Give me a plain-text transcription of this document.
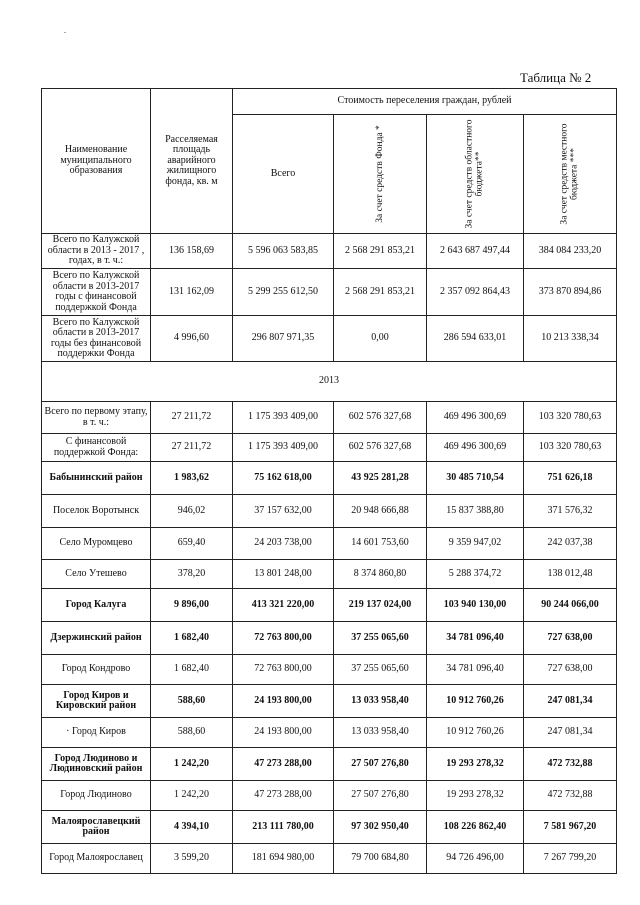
.
Таблица № 2
Наименование муниципального образования	Расселяемая площадь аварийного жилищного фонда, кв. м	Стоимость переселения граждан, рублей			
		Всего	За счет средств Фонда *	За счет средств областного бюджета**	За счет средств местного бюджета ***

Всего по Калужской области в 2013 - 2017 , годах, в т. ч.:	136 158,69	5 596 063 583,85	2 568 291 853,21	2 643 687 497,44	384 084 233,20
Всего по Калужской области в 2013-2017 годы с финансовой поддержкой Фонда	131 162,09	5 299 255 612,50	2 568 291 853,21	2 357 092 864,43	373 870 894,86
Всего по Калужской области в 2013-2017 годы без финансовой поддержки Фонда	4 996,60	296 807 971,35	0,00	286 594 633,01	10 213 338,34
2013					
Всего по первому этапу, в т. ч.:	27 211,72	1 175 393 409,00	602 576 327,68	469 496 300,69	103 320 780,63
С финансовой поддержкой Фонда:	27 211,72	1 175 393 409,00	602 576 327,68	469 496 300,69	103 320 780,63
Бабынинский район	1 983,62	75 162 618,00	43 925 281,28	30 485 710,54	751 626,18
Поселок Воротынск	946,02	37 157 632,00	20 948 666,88	15 837 388,80	371 576,32
Село Муромцево	659,40	24 203 738,00	14 601 753,60	9 359 947,02	242 037,38
Село Утешево	378,20	13 801 248,00	8 374 860,80	5 288 374,72	138 012,48
Город Калуга	9 896,00	413 321 220,00	219 137 024,00	103 940 130,00	90 244 066,00
Дзержинский район	1 682,40	72 763 800,00	37 255 065,60	34 781 096,40	727 638,00
Город Кондрово	1 682,40	72 763 800,00	37 255 065,60	34 781 096,40	727 638,00
Город Киров и Кировский район	588,60	24 193 800,00	13 033 958,40	10 912 760,26	247 081,34
· Город Киров	588,60	24 193 800,00	13 033 958,40	10 912 760,26	247 081,34
Город Людиново и Людиновский район	1 242,20	47 273 288,00	27 507 276,80	19 293 278,32	472 732,88
Город Людиново	1 242,20	47 273 288,00	27 507 276,80	19 293 278,32	472 732,88
Малоярославецкий район	4 394,10	213 111 780,00	97 302 950,40	108 226 862,40	7 581 967,20
Город Малоярославец	3 599,20	181 694 980,00	79 700 684,80	94 726 496,00	7 267 799,20
